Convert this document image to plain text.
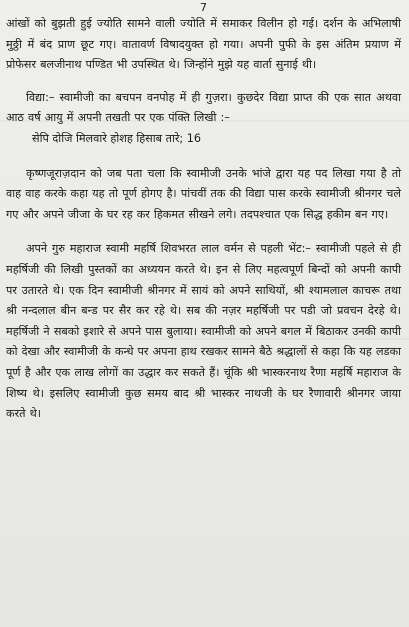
7

आंखों को बुझती हुई ज्योति सामने वाली ज्योति में समाकर विलीन हो गई। दर्शन के अभिलाषी मुठ्ठी में बंद प्राण छूट गए। वातावर्ण विषादयुक्त हो गया। अपनी पुफी के इस अंतिम प्रयाण में प्रोफेसर बलजीनाथ पण्डित भी उपस्थित थे। जिन्होंने मुझे यह वार्ता सुनाई थी।

विद्या:– स्वामीजी का बचपन वनपोह में ही गुज़रा। कुछदेर विद्या प्राप्त की एक सात अथवा आठ वर्ष आयु में अपनी तखती पर एक पंक्ति लिखी :–

सेपि दोजि मिलवारे होशह हिसाब तारे; 16

कृष्णजूराज़दान को जब पता चला कि स्वामीजी उनके भांजे द्वारा यह पद लिखा गया है तो वाह वाह करके कहा यह तो पूर्ण होगए है। पांचवीं तक की विद्या पास करके स्वामीजी श्रीनगर चले गए और अपने जीजा के घर रह कर हिकमत सीखने लगे। तदपश्चात एक सिद्ध हकीम बन गए।

अपने गुरु महाराज स्वामी महर्षि शिवभरत लाल वर्मन से पहली भेंट:– स्वामीजी पहले से ही महर्षिजी की लिखी पुस्तकों का अध्ययन करते थे। इन से लिए महत्वपूर्ण बिन्दों को अपनी कापी पर उतारते थे। एक दिन स्वामीजी श्रीनगर में सायं को अपने साथियों, श्री श्यामलाल काचरू तथा श्री नन्दलाल बीन बन्ड पर सैर कर रहे थे। सब की नज़र महर्षिजी पर पडी जो प्रवचन देरहे थे। महर्षिजी ने सबको इशारे से अपने पास बुलाया। स्वामीजी को अपने बगल में बिठाकर उनकी कापी को देखा और स्वामीजी के कन्धे पर अपना हाथ रखकर सामने बैठे श्रद्धालों से कहा कि यह लडका पूर्ण है और एक लाख लोगों का उद्धार कर सकते हैं। चूंकि श्री भास्करनाथ रैणा महर्षि महाराज के शिष्य थे। इसलिए स्वामीजी कुछ समय बाद श्री भास्कर नाथजी के घर रैणावारी श्रीनगर जाया करते थे।
